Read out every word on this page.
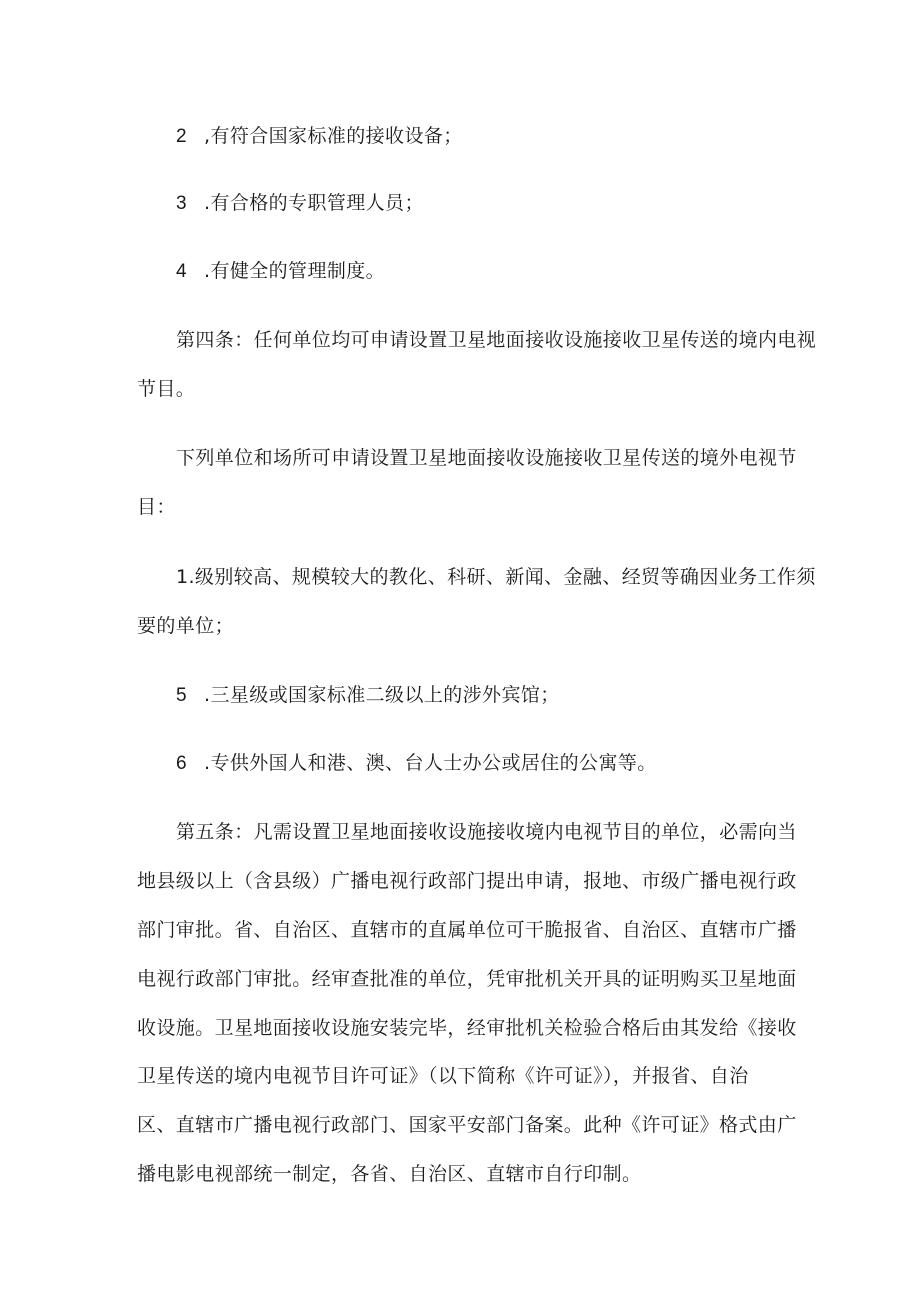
2 ,有符合国家标准的接收设备；
3 .有合格的专职管理人员；
4 .有健全的管理制度。
第四条：任何单位均可申请设置卫星地面接收设施接收卫星传送的境内电视
节目。
下列单位和场所可申请设置卫星地面接收设施接收卫星传送的境外电视节
目：
1.级别较高、规模较大的教化、科研、新闻、金融、经贸等确因业务工作须
要的单位；
5 .三星级或国家标准二级以上的涉外宾馆；
6 .专供外国人和港、澳、台人士办公或居住的公寓等。
第五条：凡需设置卫星地面接收设施接收境内电视节目的单位，必需向当
地县级以上（含县级）广播电视行政部门提出申请，报地、市级广播电视行政
部门审批。省、自治区、直辖市的直属单位可干脆报省、自治区、直辖市广播
电视行政部门审批。经审查批准的单位，凭审批机关开具的证明购买卫星地面
收设施。卫星地面接收设施安装完毕，经审批机关检验合格后由其发给《接收
卫星传送的境内电视节目许可证》（以下简称《许可证》），并报省、自治
区、直辖市广播电视行政部门、国家平安部门备案。此种《许可证》格式由广
播电影电视部统一制定，各省、自治区、直辖市自行印制。
